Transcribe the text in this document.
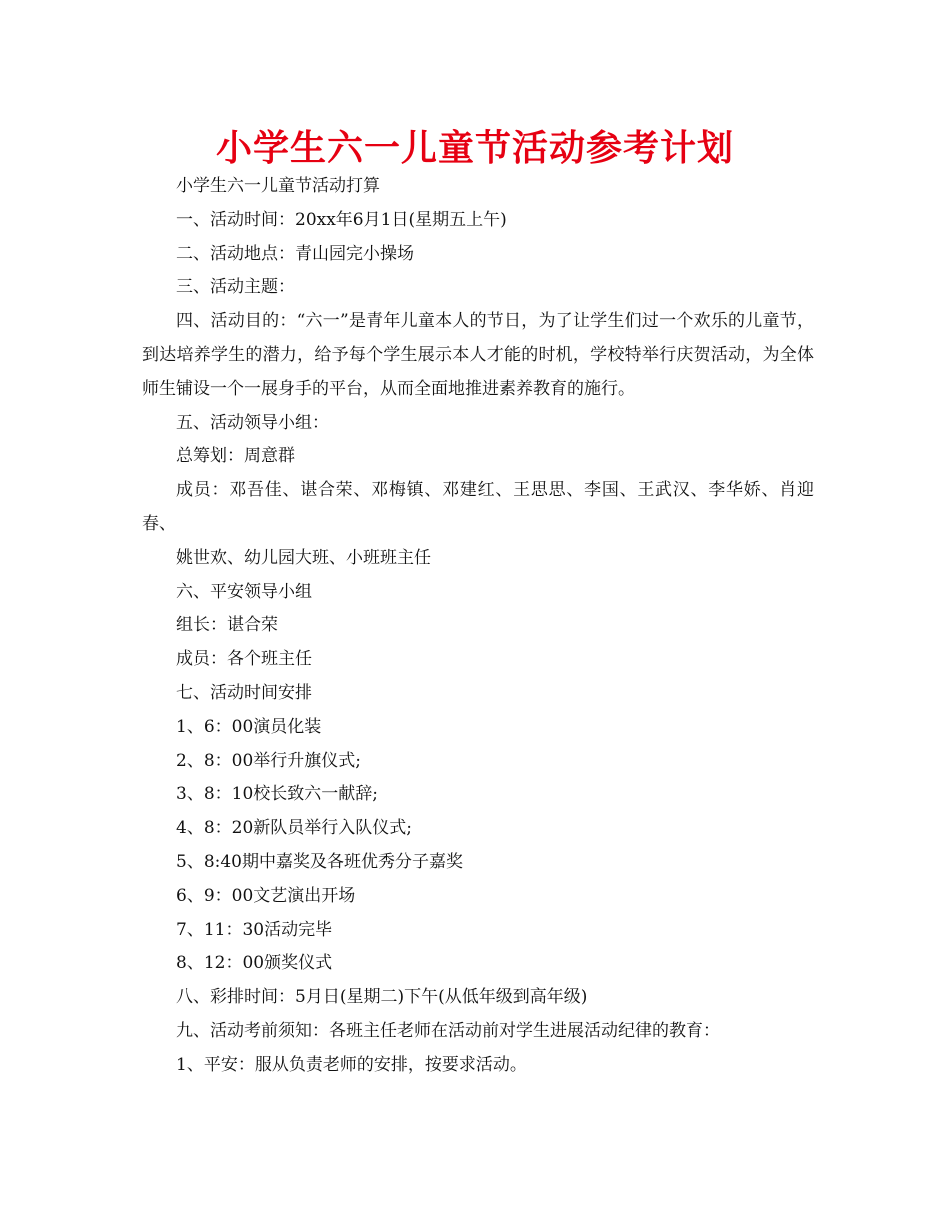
小学生六一儿童节活动参考计划

小学生六一儿童节活动打算

一、活动时间：20xx年6月1日(星期五上午)

二、活动地点：青山园完小操场

三、活动主题：

四、活动目的：“六一”是青年儿童本人的节日，为了让学生们过一个欢乐的儿童节，到达培养学生的潜力，给予每个学生展示本人才能的时机，学校特举行庆贺活动，为全体师生铺设一个一展身手的平台，从而全面地推进素养教育的施行。

五、活动领导小组：

总筹划：周意群

成员：邓吾佳、谌合荣、邓梅镇、邓建红、王思思、李国、王武汉、李华娇、肖迎春、

姚世欢、幼儿园大班、小班班主任

六、平安领导小组

组长：谌合荣

成员：各个班主任

七、活动时间安排

1、6：00演员化装

2、8：00举行升旗仪式;

3、8：10校长致六一献辞;

4、8：20新队员举行入队仪式;

5、8:40期中嘉奖及各班优秀分子嘉奖

6、9：00文艺演出开场

7、11：30活动完毕

8、12：00颁奖仪式

八、彩排时间：5月日(星期二)下午(从低年级到高年级)

九、活动考前须知：各班主任老师在活动前对学生进展活动纪律的教育：

1、平安：服从负责老师的安排，按要求活动。
